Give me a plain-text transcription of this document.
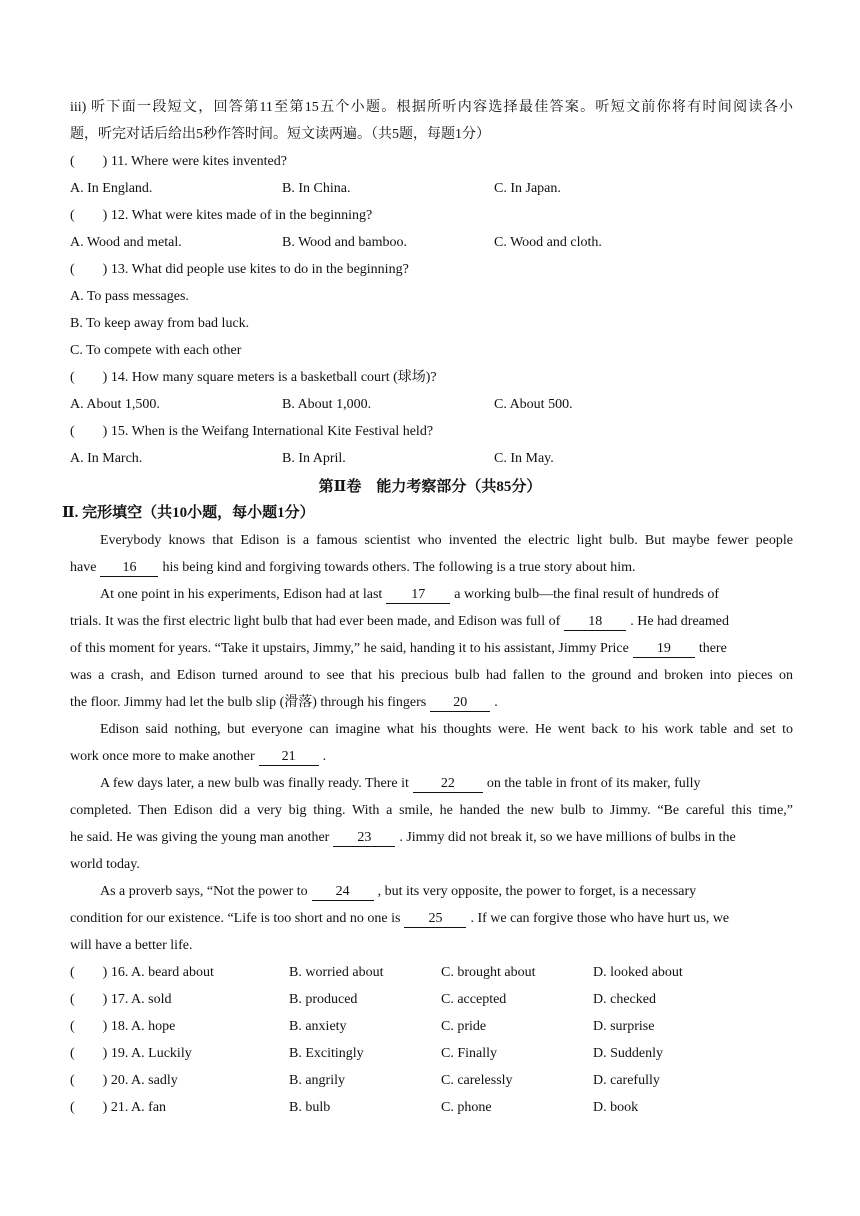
iii) 听下面一段短文，回答第11至第15五个小题。根据所听内容选择最佳答案。听短文前你将有时间阅读各小
题，听完对话后给出5秒作答时间。短文读两遍。（共5题，每题1分）
(　　) 11. Where were kites invented?
A. In England.	B. In China.	C. In Japan.
(　　) 12. What were kites made of in the beginning?
A. Wood and metal.	B. Wood and bamboo.	C. Wood and cloth.
(　　) 13. What did people use kites to do in the beginning?
A. To pass messages.
B. To keep away from bad luck.
C. To compete with each other
(　　) 14. How many square meters is a basketball court (球场)?
A. About 1,500.	B. About 1,000.	C. About 500.
(　　) 15. When is the Weifang International Kite Festival held?
A. In March.	B. In April.	C. In May.
第Ⅱ卷　能力考察部分（共85分）
Ⅱ. 完形填空（共10小题，每小题1分）
Everybody knows that Edison is a famous scientist who invented the electric light bulb. But maybe fewer people
have 16 his being kind and forgiving towards others. The following is a true story about him.
At one point in his experiments, Edison had at last 17 a working bulb—the final result of hundreds of
trials. It was the first electric light bulb that had ever been made, and Edison was full of 18 . He had dreamed
of this moment for years. “Take it upstairs, Jimmy,” he said, handing it to his assistant, Jimmy Price 19 there
was a crash, and Edison turned around to see that his precious bulb had fallen to the ground and broken into pieces on
the floor. Jimmy had let the bulb slip (滑落) through his fingers 20 .
Edison said nothing, but everyone can imagine what his thoughts were. He went back to his work table and set to
work once more to make another 21 .
A few days later, a new bulb was finally ready. There it 22 on the table in front of its maker, fully
completed. Then Edison did a very big thing. With a smile, he handed the new bulb to Jimmy. “Be careful this time,”
he said. He was giving the young man another 23 . Jimmy did not break it, so we have millions of bulbs in the
world today.
As a proverb says, “Not the power to 24 , but its very opposite, the power to forget, is a necessary
condition for our existence. “Life is too short and no one is 25 . If we can forgive those who have hurt us, we
will have a better life.
(　　) 16. A. beard about	B. worried about	C. brought about	D. looked about
(　　) 17. A. sold	B. produced	C. accepted	D. checked
(　　) 18. A. hope	B. anxiety	C. pride	D. surprise
(　　) 19. A. Luckily	B. Excitingly	C. Finally	D. Suddenly
(　　) 20. A. sadly	B. angrily	C. carelessly	D. carefully
(　　) 21. A. fan	B. bulb	C. phone	D. book
